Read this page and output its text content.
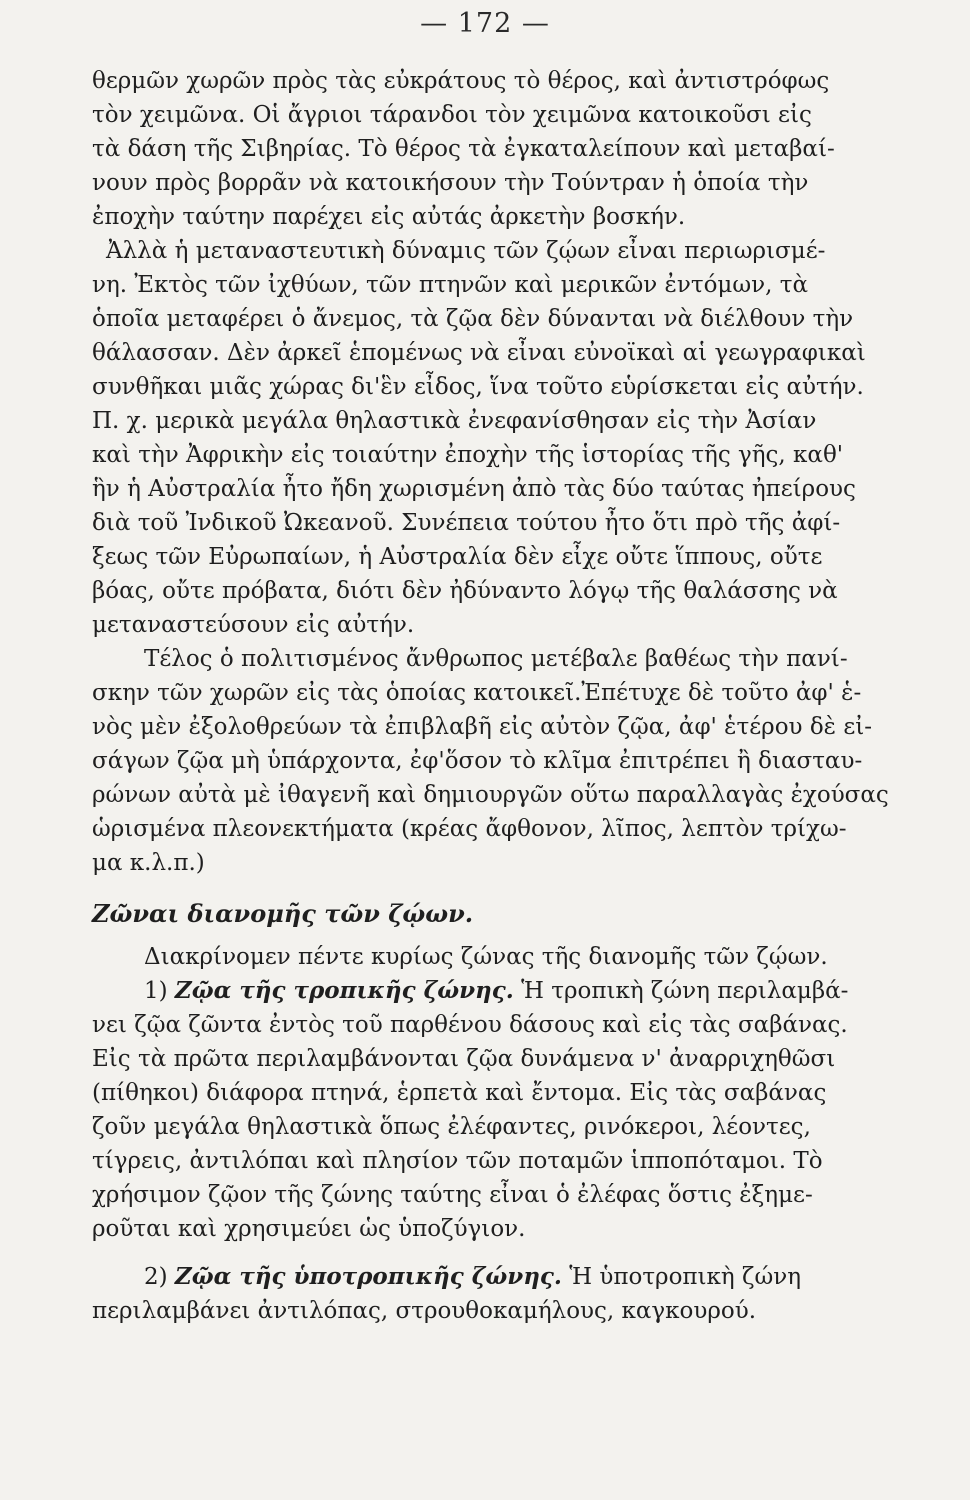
— 172 —
θερμῶν χωρῶν πρὸς τὰς εὐκράτους τὸ θέρος, καὶ ἀντιστρόφως
τὸν χειμῶνα. Οἱ ἄγριοι τάρανδοι τὸν χειμῶνα κατοικοῦσι εἰς
τὰ δάση τῆς Σιβηρίας. Τὸ θέρος τὰ ἐγκαταλείπουν καὶ μεταβαί-
νουν πρὸς βορρᾶν νὰ κατοικήσουν τὴν Τούντραν ἡ ὁποία τὴν
ἐποχὴν ταύτην παρέχει εἰς αὐτάς ἀρκετὴν βοσκήν.
Ἀλλὰ ἡ μεταναστευτικὴ δύναμις τῶν ζῴων εἶναι περιωρισμέ-
νη. Ἐκτὸς τῶν ἰχθύων, τῶν πτηνῶν καὶ μερικῶν ἐντόμων, τὰ
ὁποῖα μεταφέρει ὁ ἄνεμος, τὰ ζῷα δὲν δύνανται νὰ διέλθουν τὴν
θάλασσαν. Δὲν ἀρκεῖ ἑπομένως νὰ εἶναι εὐνοϊκαὶ αἱ γεωγραφικαὶ
συνθῆκαι μιᾶς χώρας δι'ἓν εἶδος, ἵνα τοῦτο εὑρίσκεται εἰς αὐτήν.
Π. χ. μερικὰ μεγάλα θηλαστικὰ ἐνεφανίσθησαν εἰς τὴν Ἀσίαν
καὶ τὴν Ἀφρικὴν εἰς τοιαύτην ἐποχὴν τῆς ἱστορίας τῆς γῆς, καθ'
ἣν ἡ Αὐστραλία ἦτο ἤδη χωρισμένη ἀπὸ τὰς δύο ταύτας ἠπείρους
διὰ τοῦ Ἰνδικοῦ Ὠκεανοῦ. Συνέπεια τούτου ἦτο ὅτι πρὸ τῆς ἀφί-
ξεως τῶν Εὐρωπαίων, ἡ Αὐστραλία δὲν εἶχε οὔτε ἵππους, οὔτε
βόας, οὔτε πρόβατα, διότι δὲν ἠδύναντο λόγῳ τῆς θαλάσσης νὰ
μεταναστεύσουν εἰς αὐτήν.
Τέλος ὁ πολιτισμένος ἄνθρωπος μετέβαλε βαθέως τὴν πανί-
σκην τῶν χωρῶν εἰς τὰς ὁποίας κατοικεῖ.Ἐπέτυχε δὲ τοῦτο ἀφ' ἑ-
νὸς μὲν ἐξολοθρεύων τὰ ἐπιβλαβῆ εἰς αὐτὸν ζῷα, ἀφ' ἑτέρου δὲ εἰ-
σάγων ζῷα μὴ ὑπάρχοντα, ἐφ'ὅσον τὸ κλῖμα ἐπιτρέπει ἢ διασταυ-
ρώνων αὐτὰ μὲ ἰθαγενῆ καὶ δημιουργῶν οὕτω παραλλαγὰς ἐχούσας
ὡρισμένα πλεονεκτήματα (κρέας ἄφθονον, λῖπος, λεπτὸν τρίχω-
μα κ.λ.π.)
Ζῶναι διανομῆς τῶν ζῴων.
Διακρίνομεν πέντε κυρίως ζώνας τῆς διανομῆς τῶν ζῴων.
1) Ζῷα τῆς τροπικῆς ζώνης. Ἡ τροπικὴ ζώνη περιλαμβά-
νει ζῷα ζῶντα ἐντὸς τοῦ παρθένου δάσους καὶ εἰς τὰς σαβάνας.
Εἰς τὰ πρῶτα περιλαμβάνονται ζῷα δυνάμενα ν' ἀναρριχηθῶσι
(πίθηκοι) διάφορα πτηνά, ἑρπετὰ καὶ ἔντομα. Εἰς τὰς σαβάνας
ζοῦν μεγάλα θηλαστικὰ ὅπως ἐλέφαντες, ρινόκεροι, λέοντες,
τίγρεις, ἀντιλόπαι καὶ πλησίον τῶν ποταμῶν ἱπποπόταμοι. Τὸ
χρήσιμον ζῷον τῆς ζώνης ταύτης εἶναι ὁ ἐλέφας ὅστις ἐξημε-
ροῦται καὶ χρησιμεύει ὡς ὑποζύγιον.
2) Ζῷα τῆς ὑποτροπικῆς ζώνης. Ἡ ὑποτροπικὴ ζώνη
περιλαμβάνει ἀντιλόπας, στρουθοκαμήλους, καγκουρού.
